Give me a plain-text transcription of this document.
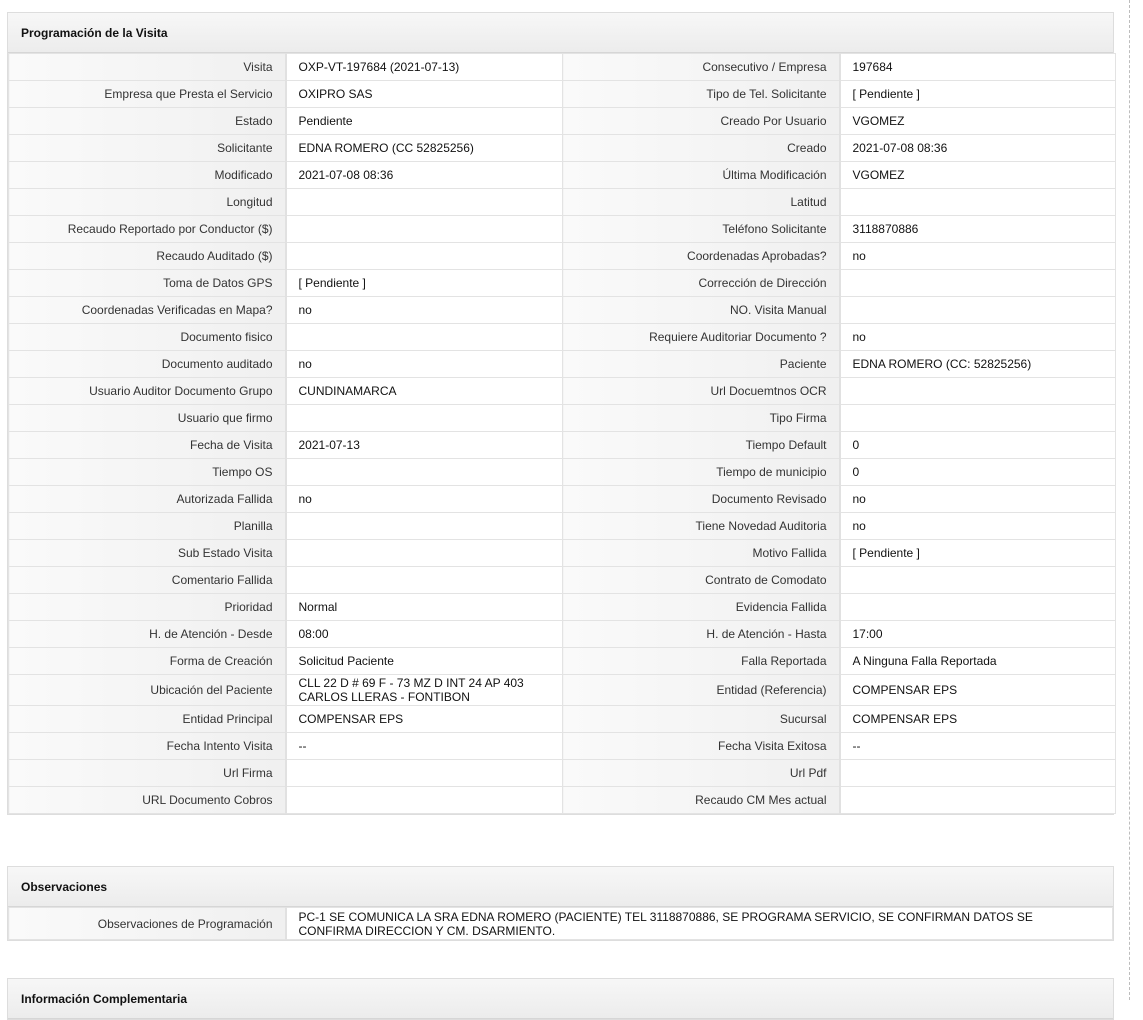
Programación de la Visita
Visita	OXP-VT-197684 (2021-07-13)	Consecutivo / Empresa	197684
Empresa que Presta el Servicio	OXIPRO SAS	Tipo de Tel. Solicitante	[ Pendiente ]
Estado	Pendiente	Creado Por Usuario	VGOMEZ
Solicitante	EDNA ROMERO (CC 52825256)	Creado	2021-07-08 08:36
Modificado	2021-07-08 08:36	Última Modificación	VGOMEZ
Longitud		Latitud	
Recaudo Reportado por Conductor ($)		Teléfono Solicitante	3118870886
Recaudo Auditado ($)		Coordenadas Aprobadas?	no
Toma de Datos GPS	[ Pendiente ]	Corrección de Dirección	
Coordenadas Verificadas en Mapa?	no	NO. Visita Manual	
Documento fisico		Requiere Auditoriar Documento ?	no
Documento auditado	no	Paciente	EDNA ROMERO (CC: 52825256)
Usuario Auditor Documento Grupo	CUNDINAMARCA	Url Docuemtnos OCR	
Usuario que firmo		Tipo Firma	
Fecha de Visita	2021-07-13	Tiempo Default	0
Tiempo OS		Tiempo de municipio	0
Autorizada Fallida	no	Documento Revisado	no
Planilla		Tiene Novedad Auditoria	no
Sub Estado Visita		Motivo Fallida	[ Pendiente ]
Comentario Fallida		Contrato de Comodato	
Prioridad	Normal	Evidencia Fallida	
H. de Atención - Desde	08:00	H. de Atención - Hasta	17:00
Forma de Creación	Solicitud Paciente	Falla Reportada	A Ninguna Falla Reportada
Ubicación del Paciente	CLL 22 D # 69 F - 73 MZ D INT 24 AP 403 CARLOS LLERAS - FONTIBON	Entidad (Referencia)	COMPENSAR EPS
Entidad Principal	COMPENSAR EPS	Sucursal	COMPENSAR EPS
Fecha Intento Visita	--	Fecha Visita Exitosa	--
Url Firma		Url Pdf	
URL Documento Cobros		Recaudo CM Mes actual	
Observaciones
Observaciones de Programación	PC-1 SE COMUNICA LA SRA EDNA ROMERO (PACIENTE) TEL 3118870886, SE PROGRAMA SERVICIO, SE CONFIRMAN DATOS SE CONFIRMA DIRECCION Y CM. DSARMIENTO.
Información Complementaria
